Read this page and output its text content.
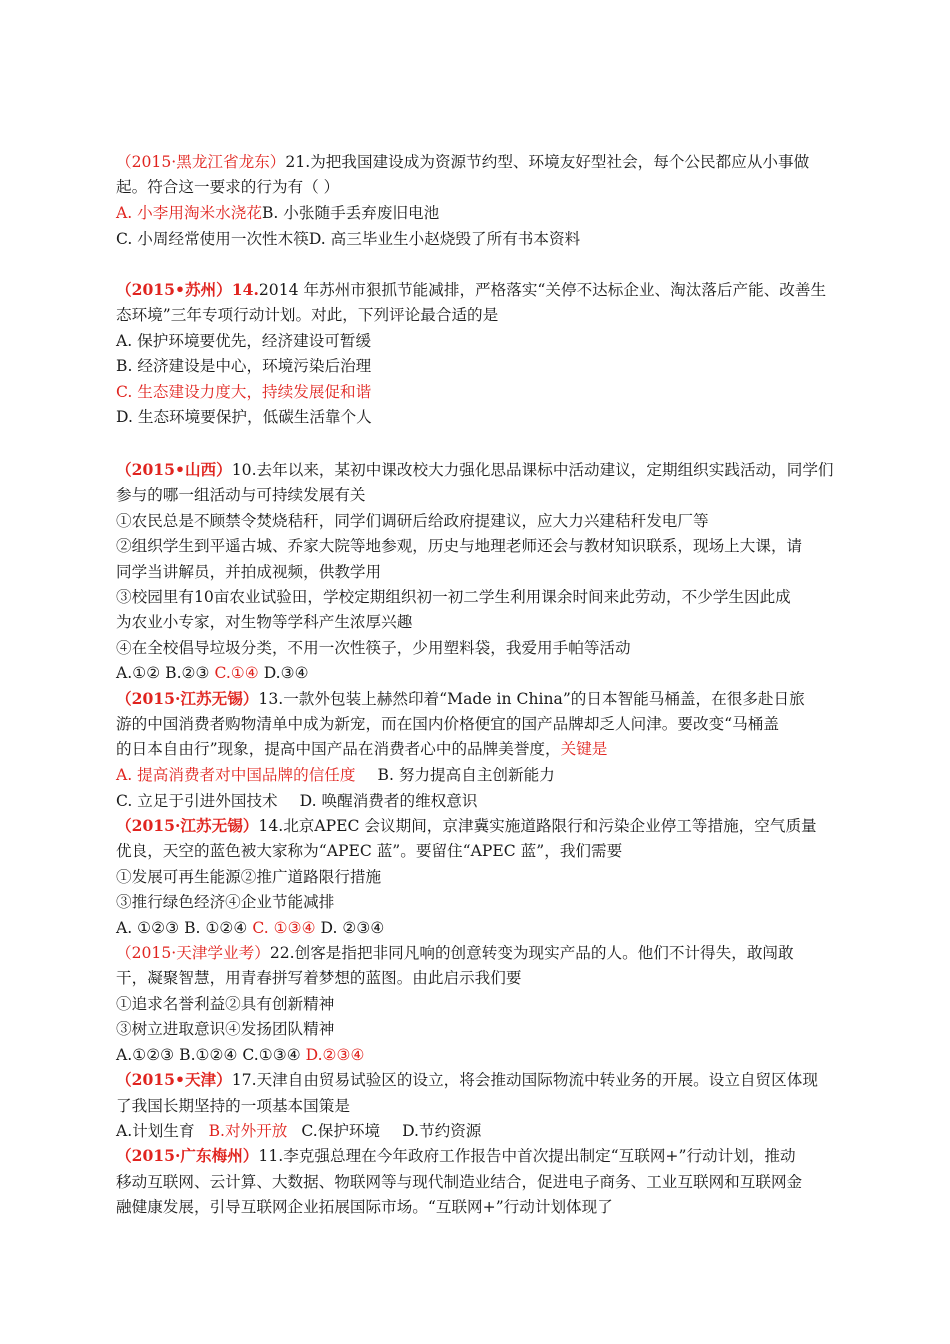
（2015·黑龙江省龙东）21.为把我国建设成为资源节约型、环境友好型社会，每个公民都应从小事做
起。符合这一要求的行为有（ ）
A. 小李用淘米水浇花B. 小张随手丢弃废旧电池
C. 小周经常使用一次性木筷D. 高三毕业生小赵烧毁了所有书本资料
（2015•苏州）14.2014 年苏州市狠抓节能减排，严格落实“关停不达标企业、淘汰落后产能、改善生
态环境”三年专项行动计划。对此，下列评论最合适的是
A. 保护环境要优先，经济建设可暂缓
B. 经济建设是中心，环境污染后治理
C. 生态建设力度大，持续发展促和谐
D. 生态环境要保护，低碳生活靠个人
（2015•山西）10.去年以来，某初中课改校大力强化思品课标中活动建议，定期组织实践活动，同学们
参与的哪一组活动与可持续发展有关
①农民总是不顾禁令焚烧秸秆，同学们调研后给政府提建议，应大力兴建秸秆发电厂等
②组织学生到平遥古城、乔家大院等地参观，历史与地理老师还会与教材知识联系，现场上大课，请
同学当讲解员，并拍成视频，供教学用
③校园里有10亩农业试验田，学校定期组织初一初二学生利用课余时间来此劳动，不少学生因此成
为农业小专家，对生物等学科产生浓厚兴趣
④在全校倡导垃圾分类，不用一次性筷子，少用塑料袋，我爱用手帕等活动
A.①② B.②③ C.①④ D.③④
（2015·江苏无锡）13.一款外包装上赫然印着“Made in China”的日本智能马桶盖，在很多赴日旅
游的中国消费者购物清单中成为新宠，而在国内价格便宜的国产品牌却乏人问津。要改变“马桶盖
的日本自由行”现象，提高中国产品在消费者心中的品牌美誉度，关键是
A. 提高消费者对中国品牌的信任度 B. 努力提高自主创新能力
C. 立足于引进外国技术 D. 唤醒消费者的维权意识
（2015·江苏无锡）14.北京APEC 会议期间，京津冀实施道路限行和污染企业停工等措施，空气质量
优良，天空的蓝色被大家称为“APEC 蓝”。要留住“APEC 蓝”，我们需要
①发展可再生能源②推广道路限行措施
③推行绿色经济④企业节能减排
A. ①②③ B. ①②④ C. ①③④ D. ②③④
（2015·天津学业考）22.创客是指把非同凡响的创意转变为现实产品的人。他们不计得失，敢闯敢
干，凝聚智慧，用青春拼写着梦想的蓝图。由此启示我们要
①追求名誉利益②具有创新精神
③树立进取意识④发扬团队精神
A.①②③ B.①②④ C.①③④ D.②③④
（2015•天津）17.天津自由贸易试验区的设立，将会推动国际物流中转业务的开展。设立自贸区体现
了我国长期坚持的一项基本国策是
A.计划生育 B.对外开放 C.保护环境 D.节约资源
（2015·广东梅州）11.李克强总理在今年政府工作报告中首次提出制定“互联网+”行动计划，推动
移动互联网、云计算、大数据、物联网等与现代制造业结合，促进电子商务、工业互联网和互联网金
融健康发展，引导互联网企业拓展国际市场。“互联网+”行动计划体现了
